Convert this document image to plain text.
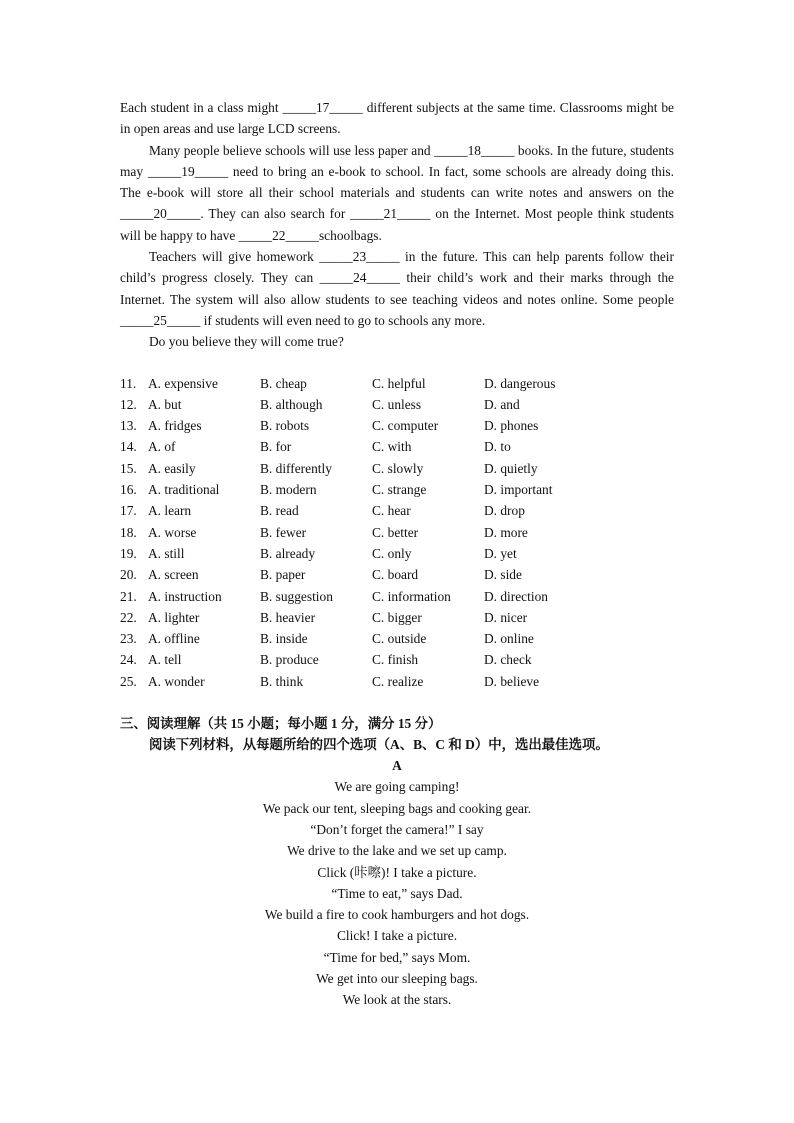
Each student in a class might _____17_____ different subjects at the same time. Classrooms might be in open areas and use large LCD screens.

Many people believe schools will use less paper and _____18_____ books. In the future, students may _____19_____ need to bring an e-book to school. In fact, some schools are already doing this. The e-book will store all their school materials and students can write notes and answers on the _____20_____. They can also search for _____21_____ on the Internet. Most people think students will be happy to have _____22_____schoolbags.

Teachers will give homework _____23_____ in the future. This can help parents follow their child’s progress closely. They can _____24_____ their child’s work and their marks through the Internet. The system will also allow students to see teaching videos and notes online. Some people _____25_____ if students will even need to go to schools any more.

Do you believe they will come true?

11. A. expensive	B. cheap	C. helpful	D. dangerous
12. A. but	B. although	C. unless	D. and
13. A. fridges	B. robots	C. computer	D. phones
14. A. of	B. for	C. with	D. to
15. A. easily	B. differently	C. slowly	D. quietly
16. A. traditional	B. modern	C. strange	D. important
17. A. learn	B. read	C. hear	D. drop
18. A. worse	B. fewer	C. better	D. more
19. A. still	B. already	C. only	D. yet
20. A. screen	B. paper	C. board	D. side
21. A. instruction	B. suggestion	C. information	D. direction
22. A. lighter	B. heavier	C. bigger	D. nicer
23. A. offline	B. inside	C. outside	D. online
24. A. tell	B. produce	C. finish	D. check
25. A. wonder	B. think	C. realize	D. believe
三、阅读理解（共 15 小题；每小题 1 分，满分 15 分）
阅读下列材料，从每题所给的四个选项（A、B、C 和 D）中，选出最佳选项。
A
We are going camping!
We pack our tent, sleeping bags and cooking gear.
“Don’t forget the camera!” I say
We drive to the lake and we set up camp.
Click (咔嚓)! I take a picture.
“Time to eat,” says Dad.
We build a fire to cook hamburgers and hot dogs.
Click! I take a picture.
“Time for bed,” says Mom.
We get into our sleeping bags.
We look at the stars.
